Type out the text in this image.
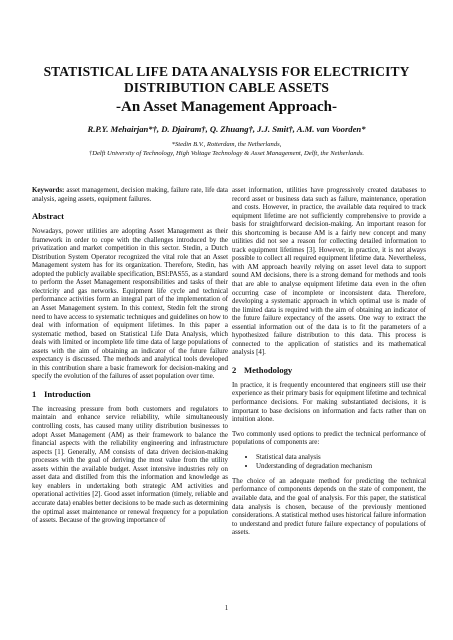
STATISTICAL LIFE DATA ANALYSIS FOR ELECTRICITY
DISTRIBUTION CABLE ASSETS
-An Asset Management Approach-
R.P.Y. Mehairjan*†, D. Djairam†, Q. Zhuang†, J.J. Smit†, A.M. van Voorden*
*Stedin B.V., Rotterdam, the Netherlands,
†Delft University of Technology, High Voltage Technology & Asset Management, Delft, the Netherlands.

Keywords: asset management, decision making, failure rate, life data analysis, ageing assets, equipment failures.

Abstract

Nowadays, power utilities are adopting Asset Management as their framework in order to cope with the challenges introduced by the privatization and market competition in this sector. Stedin, a Dutch Distribution System Operator recognized the vital role that an Asset Management system has for its organization. Therefore, Stedin, has adopted the publicly available specification, BSI:PAS55, as a standard to perform the Asset Management responsibilities and tasks of their electricity and gas networks. Equipment life cycle and technical performance activities form an integral part of the implementation of an Asset Management system. In this context, Stedin felt the strong need to have access to systematic techniques and guidelines on how to deal with information of equipment lifetimes. In this paper a systematic method, based on Statistical Life Data Analysis, which deals with limited or incomplete life time data of large populations of assets with the aim of obtaining an indicator of the future failure expectancy is discussed. The methods and analytical tools developed in this contribution share a basic framework for decision-making and specify the evolution of the failures of asset population over time.

1 Introduction

The increasing pressure from both customers and regulators to maintain and enhance service reliability, while simultaneously controlling costs, has caused many utility distribution businesses to adopt Asset Management (AM) as their framework to balance the financial aspects with the reliability engineering and infrastructure aspects [1]. Generally, AM consists of data driven decision-making processes with the goal of deriving the most value from the utility assets within the available budget. Asset intensive industries rely on asset data and distilled from this the information and knowledge as key enablers in undertaking both strategic AM activities and operational activities [2]. Good asset information (timely, reliable and accurate data) enables better decisions to be made such as determining the optimal asset maintenance or renewal frequency for a population of assets. Because of the growing importance of

asset information, utilities have progressively created databases to record asset or business data such as failure, maintenance, operation and costs. However, in practice, the available data required to track equipment lifetime are not sufficiently comprehensive to provide a basis for straightforward decision-making. An important reason for this shortcoming is because AM is a fairly new concept and many utilities did not see a reason for collecting detailed information to track equipment lifetimes [3]. However, in practice, it is not always possible to collect all required equipment lifetime data. Nevertheless, with AM approach heavily relying on asset level data to support sound AM decisions, there is a strong demand for methods and tools that are able to analyse equipment lifetime data even in the often occurring case of incomplete or inconsistent data. Therefore, developing a systematic approach in which optimal use is made of the limited data is required with the aim of obtaining an indicator of the future failure expectancy of the assets. One way to extract the essential information out of the data is to fit the parameters of a hypothesized failure distribution to this data. This process is connected to the application of statistics and its mathematical analysis [4].

2 Methodology

In practice, it is frequently encountered that engineers still use their experience as their primary basis for equipment lifetime and technical performance decisions. For making substantiated decisions, it is important to base decisions on information and facts rather than on intuition alone.

Two commonly used options to predict the technical performance of populations of components are:

• Statistical data analysis
• Understanding of degradation mechanism

The choice of an adequate method for predicting the technical performance of components depends on the state of component, the available data, and the goal of analysis. For this paper, the statistical data analysis is chosen, because of the previously mentioned considerations. A statistical method uses historical failure information to understand and predict future failure expectancy of populations of assets.

1
